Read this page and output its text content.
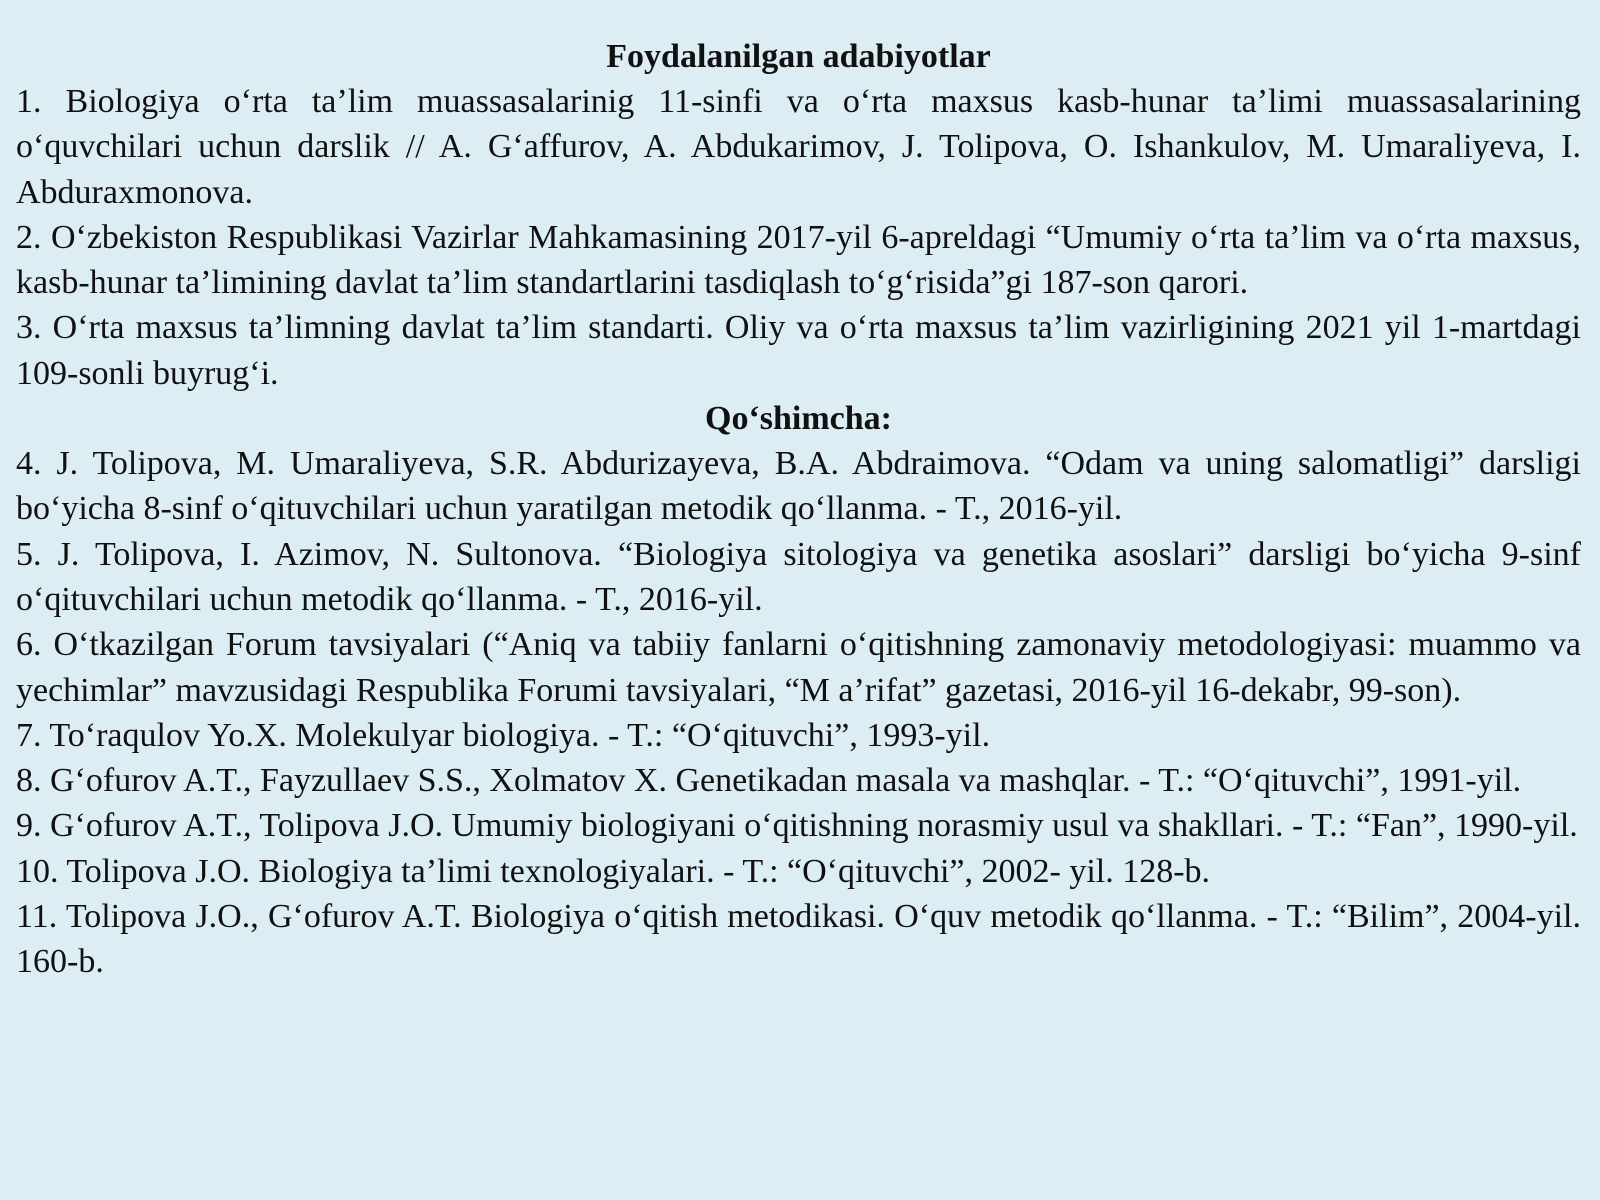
Foydalanilgan adabiyotlar

1. Biologiya o‘rta ta’lim muassasalarinig 11-sinfi va o‘rta maxsus kasb-hunar ta’limi muassasalarining o‘quvchilari uchun darslik // A. G‘affurov, A. Abdukarimov, J. Tolipova, O. Ishankulov, M. Umaraliyeva, I. Abduraxmonova.

2. O‘zbekiston Respublikasi Vazirlar Mahkamasining 2017-yil 6-apreldagi “Umumiy o‘rta ta’lim va o‘rta maxsus, kasb-hunar ta’limining davlat ta’lim standartlarini tasdiqlash to‘g‘risida”gi 187-son qarori.

3. O‘rta maxsus ta’limning davlat ta’lim standarti. Oliy va o‘rta maxsus ta’lim vazirligining 2021 yil 1-martdagi 109-sonli buyrug‘i.

Qo‘shimcha:

4. J. Tolipova, M. Umaraliyeva, S.R. Abdurizayeva, B.A. Abdraimova. “Odam va uning salomatligi” darsligi bo‘yicha 8-sinf o‘qituvchilari uchun yaratilgan metodik qo‘llanma. - T., 2016-yil.

5. J. Tolipova, I. Azimov, N. Sultonova. “Biologiya sitologiya va genetika asoslari” darsligi bo‘yicha 9-sinf o‘qituvchilari uchun metodik qo‘llanma. - T., 2016-yil.

6. O‘tkazilgan Forum tavsiyalari (“Aniq va tabiiy fanlarni o‘qitishning zamonaviy metodologiyasi: muammo va yechimlar” mavzusidagi Respublika Forumi tavsiyalari, “M a’rifat” gazetasi, 2016-yil 16-dekabr, 99-son).

7. To‘raqulov Yo.X. Molekulyar biologiya. - T.: “O‘qituvchi”, 1993-yil.

8. G‘ofurov A.T., Fayzullaev S.S., Xolmatov X. Genetikadan masala va mashqlar. - T.: “O‘qituvchi”, 1991-yil.

9. G‘ofurov A.T., Tolipova J.O. Umumiy biologiyani o‘qitishning norasmiy usul va shakllari. - T.: “Fan”, 1990-yil.

10. Tolipova J.O. Biologiya ta’limi texnologiyalari. - T.: “O‘qituvchi”, 2002- yil. 128-b.

11. Tolipova J.O., G‘ofurov A.T. Biologiya o‘qitish metodikasi. O‘quv metodik qo‘llanma. - T.: “Bilim”, 2004-yil. 160-b.
